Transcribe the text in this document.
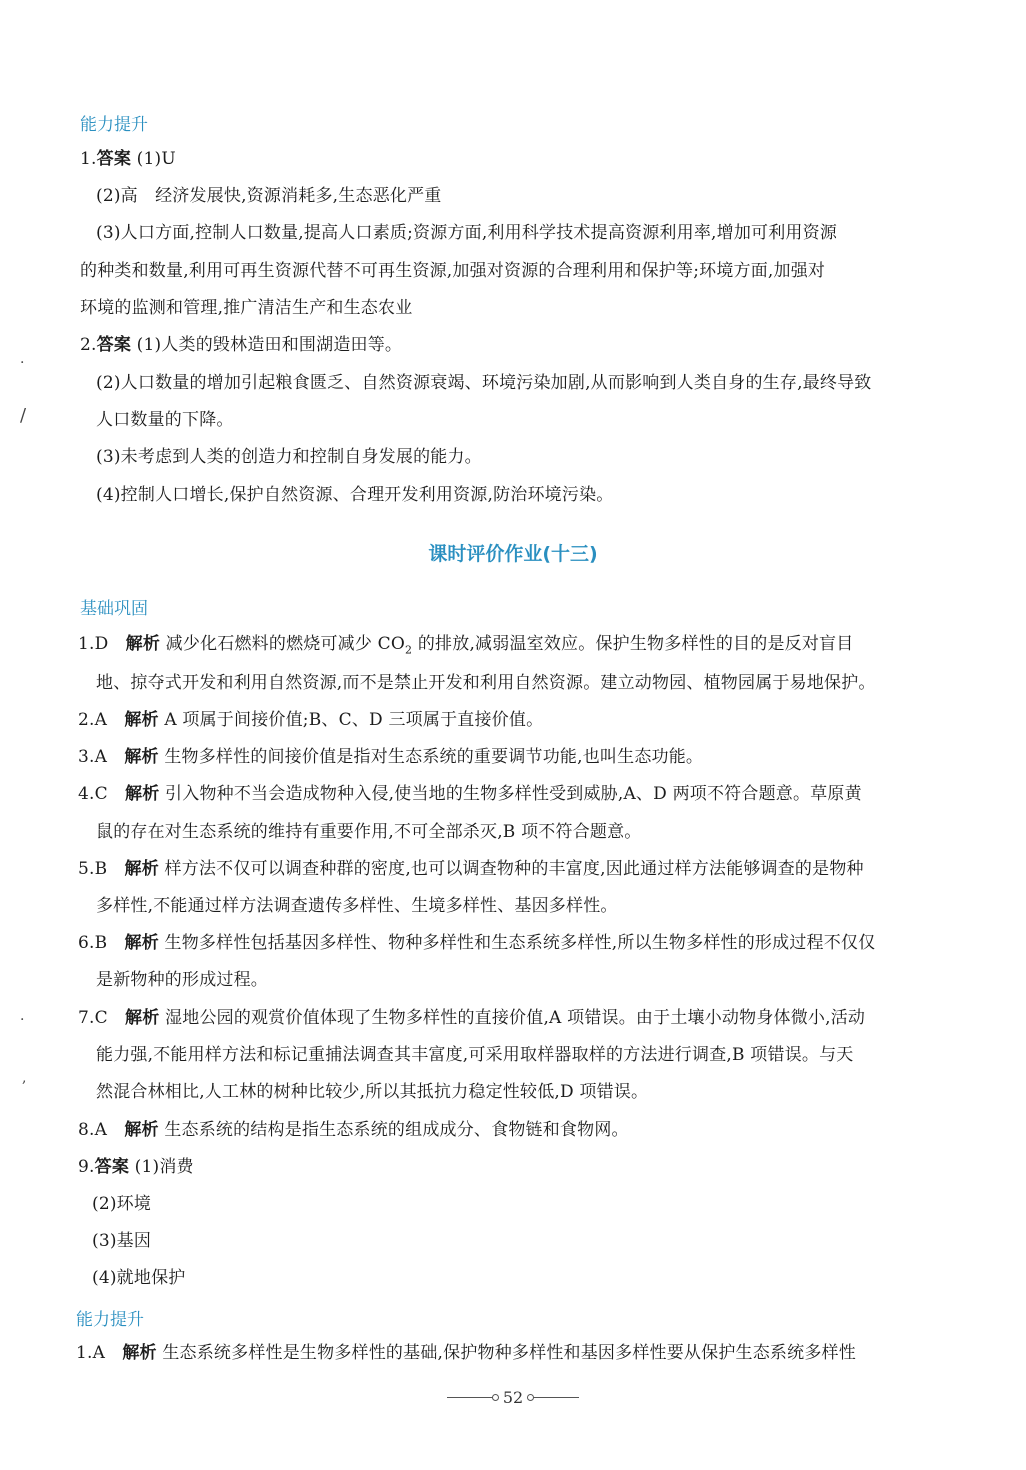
能力提升
1.答案 (1)U
(2)高　经济发展快,资源消耗多,生态恶化严重
(3)人口方面,控制人口数量,提高人口素质;资源方面,利用科学技术提高资源利用率,增加可利用资源
的种类和数量,利用可再生资源代替不可再生资源,加强对资源的合理利用和保护等;环境方面,加强对
环境的监测和管理,推广清洁生产和生态农业
2.答案 (1)人类的毁林造田和围湖造田等。
(2)人口数量的增加引起粮食匮乏、自然资源衰竭、环境污染加剧,从而影响到人类自身的生存,最终导致
人口数量的下降。
(3)未考虑到人类的创造力和控制自身发展的能力。
(4)控制人口增长,保护自然资源、合理开发利用资源,防治环境污染。
课时评价作业(十三)
基础巩固
1.D　 解析 减少化石燃料的燃烧可减少 $CO_2$ 的排放,减弱温室效应。保护生物多样性的目的是反对盲目
地、掠夺式开发和利用自然资源,而不是禁止开发和利用自然资源。建立动物园、植物园属于易地保护。
2.A　 解析 A 项属于间接价值;B、C、D 三项属于直接价值。
3.A　 解析 生物多样性的间接价值是指对生态系统的重要调节功能,也叫生态功能。
4.C　 解析 引入物种不当会造成物种入侵,使当地的生物多样性受到威胁,A、D 两项不符合题意。草原黄
鼠的存在对生态系统的维持有重要作用,不可全部杀灭,B 项不符合题意。
5.B　 解析 样方法不仅可以调查种群的密度,也可以调查物种的丰富度,因此通过样方法能够调查的是物种
多样性,不能通过样方法调查遗传多样性、生境多样性、基因多样性。
6.B　 解析 生物多样性包括基因多样性、物种多样性和生态系统多样性,所以生物多样性的形成过程不仅仅
是新物种的形成过程。
7.C　 解析 湿地公园的观赏价值体现了生物多样性的直接价值,A 项错误。由于土壤小动物身体微小,活动
能力强,不能用样方法和标记重捕法调查其丰富度,可采用取样器取样的方法进行调查,B 项错误。与天
然混合林相比,人工林的树种比较少,所以其抵抗力稳定性较低,D 项错误。
8.A　 解析 生态系统的结构是指生态系统的组成成分、食物链和食物网。
9.答案 (1)消费
(2)环境
(3)基因
(4)就地保护
能力提升
1.A　 解析 生态系统多样性是生物多样性的基础,保护物种多样性和基因多样性要从保护生态系统多样性
·
/
·
,
52
